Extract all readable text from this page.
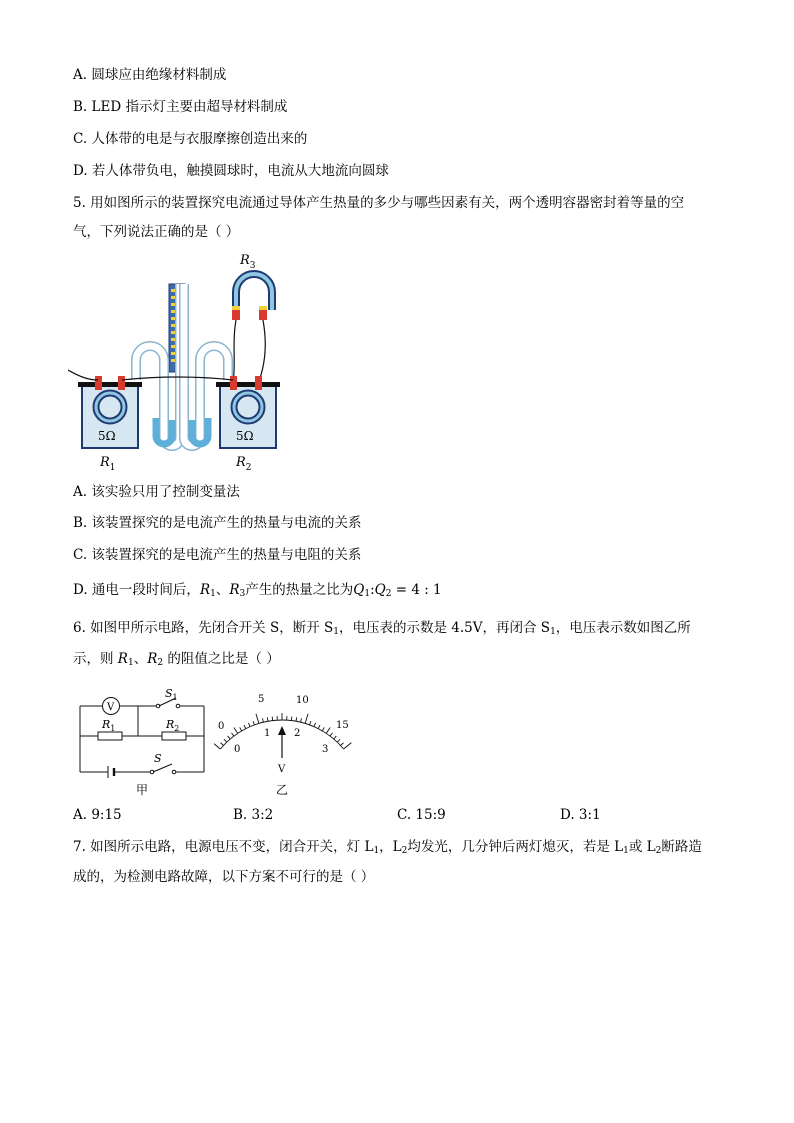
A. 圆球应由绝缘材料制成
B. LED 指示灯主要由超导材料制成
C. 人体带的电是与衣服摩擦创造出来的
D. 若人体带负电，触摸圆球时，电流从大地流向圆球
5. 用如图所示的装置探究电流通过导体产生热量的多少与哪些因素有关，两个透明容器密封着等量的空
气，下列说法正确的是（ ）
$R_3$
5Ω	5Ω
$R_1$	$R_2$
A. 该实验只用了控制变量法
B. 该装置探究的是电流产生的热量与电流的关系
C. 该装置探究的是电流产生的热量与电阻的关系
D. 通电一段时间后，$R_1$、$R_3$产生的热量之比为$Q_1:Q_2 = 4$ : 1
6. 如图甲所示电路，先闭合开关 S，断开 $S_1$，电压表的示数是 4.5V，再闭合 $S_1$，电压表示数如图乙所
示，则 $R_1$、$R_2$ 的阻值之比是（ ）
V
$S_1$
$R_1$	$R_2$
S
甲
0
5	10
15
0
1 2
3
V
乙
A. 9:15	B. 3:2	C. 15:9	D. 3:1
7. 如图所示电路，电源电压不变，闭合开关，灯 $L_1$，$L_2$均发光，几分钟后两灯熄灭，若是 $L_1$或 $L_2$断路造
成的，为检测电路故障，以下方案不可行的是（ ）
